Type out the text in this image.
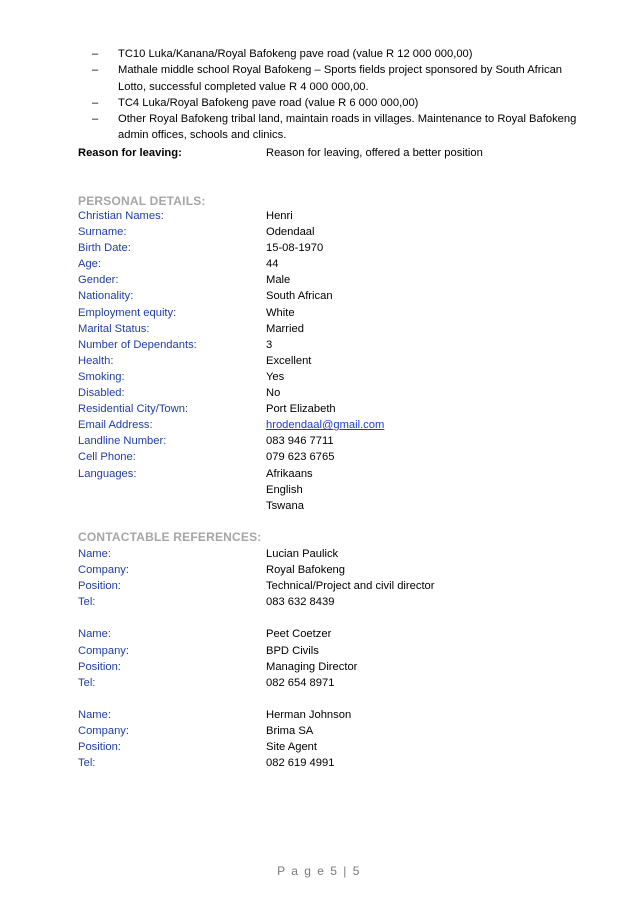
– TC10 Luka/Kanana/Royal Bafokeng pave road (value R 12 000 000,00)
– Mathale middle school Royal Bafokeng – Sports fields project sponsored by South African Lotto, successful completed value R 4 000 000,00.
– TC4 Luka/Royal Bafokeng pave road (value R 6 000 000,00)
– Other Royal Bafokeng tribal land, maintain roads in villages. Maintenance to Royal Bafokeng admin offices, schools and clinics.
Reason for leaving:	Reason for leaving, offered a better position
PERSONAL DETAILS:
Christian Names:	Henri
Surname:	Odendaal
Birth Date:	15-08-1970
Age:	44
Gender:	Male
Nationality:	South African
Employment equity:	White
Marital Status:	Married
Number of Dependants:	3
Health:	Excellent
Smoking:	Yes
Disabled:	No
Residential City/Town:	Port Elizabeth
Email Address:	hrodendaal@gmail.com
Landline Number:	083 946 7711
Cell Phone:	079 623 6765
Languages:	Afrikaans
English
Tswana
CONTACTABLE REFERENCES:
Name:	Lucian Paulick
Company:	Royal Bafokeng
Position:	Technical/Project and civil director
Tel:	083 632 8439
Name:	Peet Coetzer
Company:	BPD Civils
Position:	Managing Director
Tel:	082 654 8971
Name:	Herman Johnson
Company:	Brima SA
Position:	Site Agent
Tel:	082 619 4991
P a g e 5 | 5
